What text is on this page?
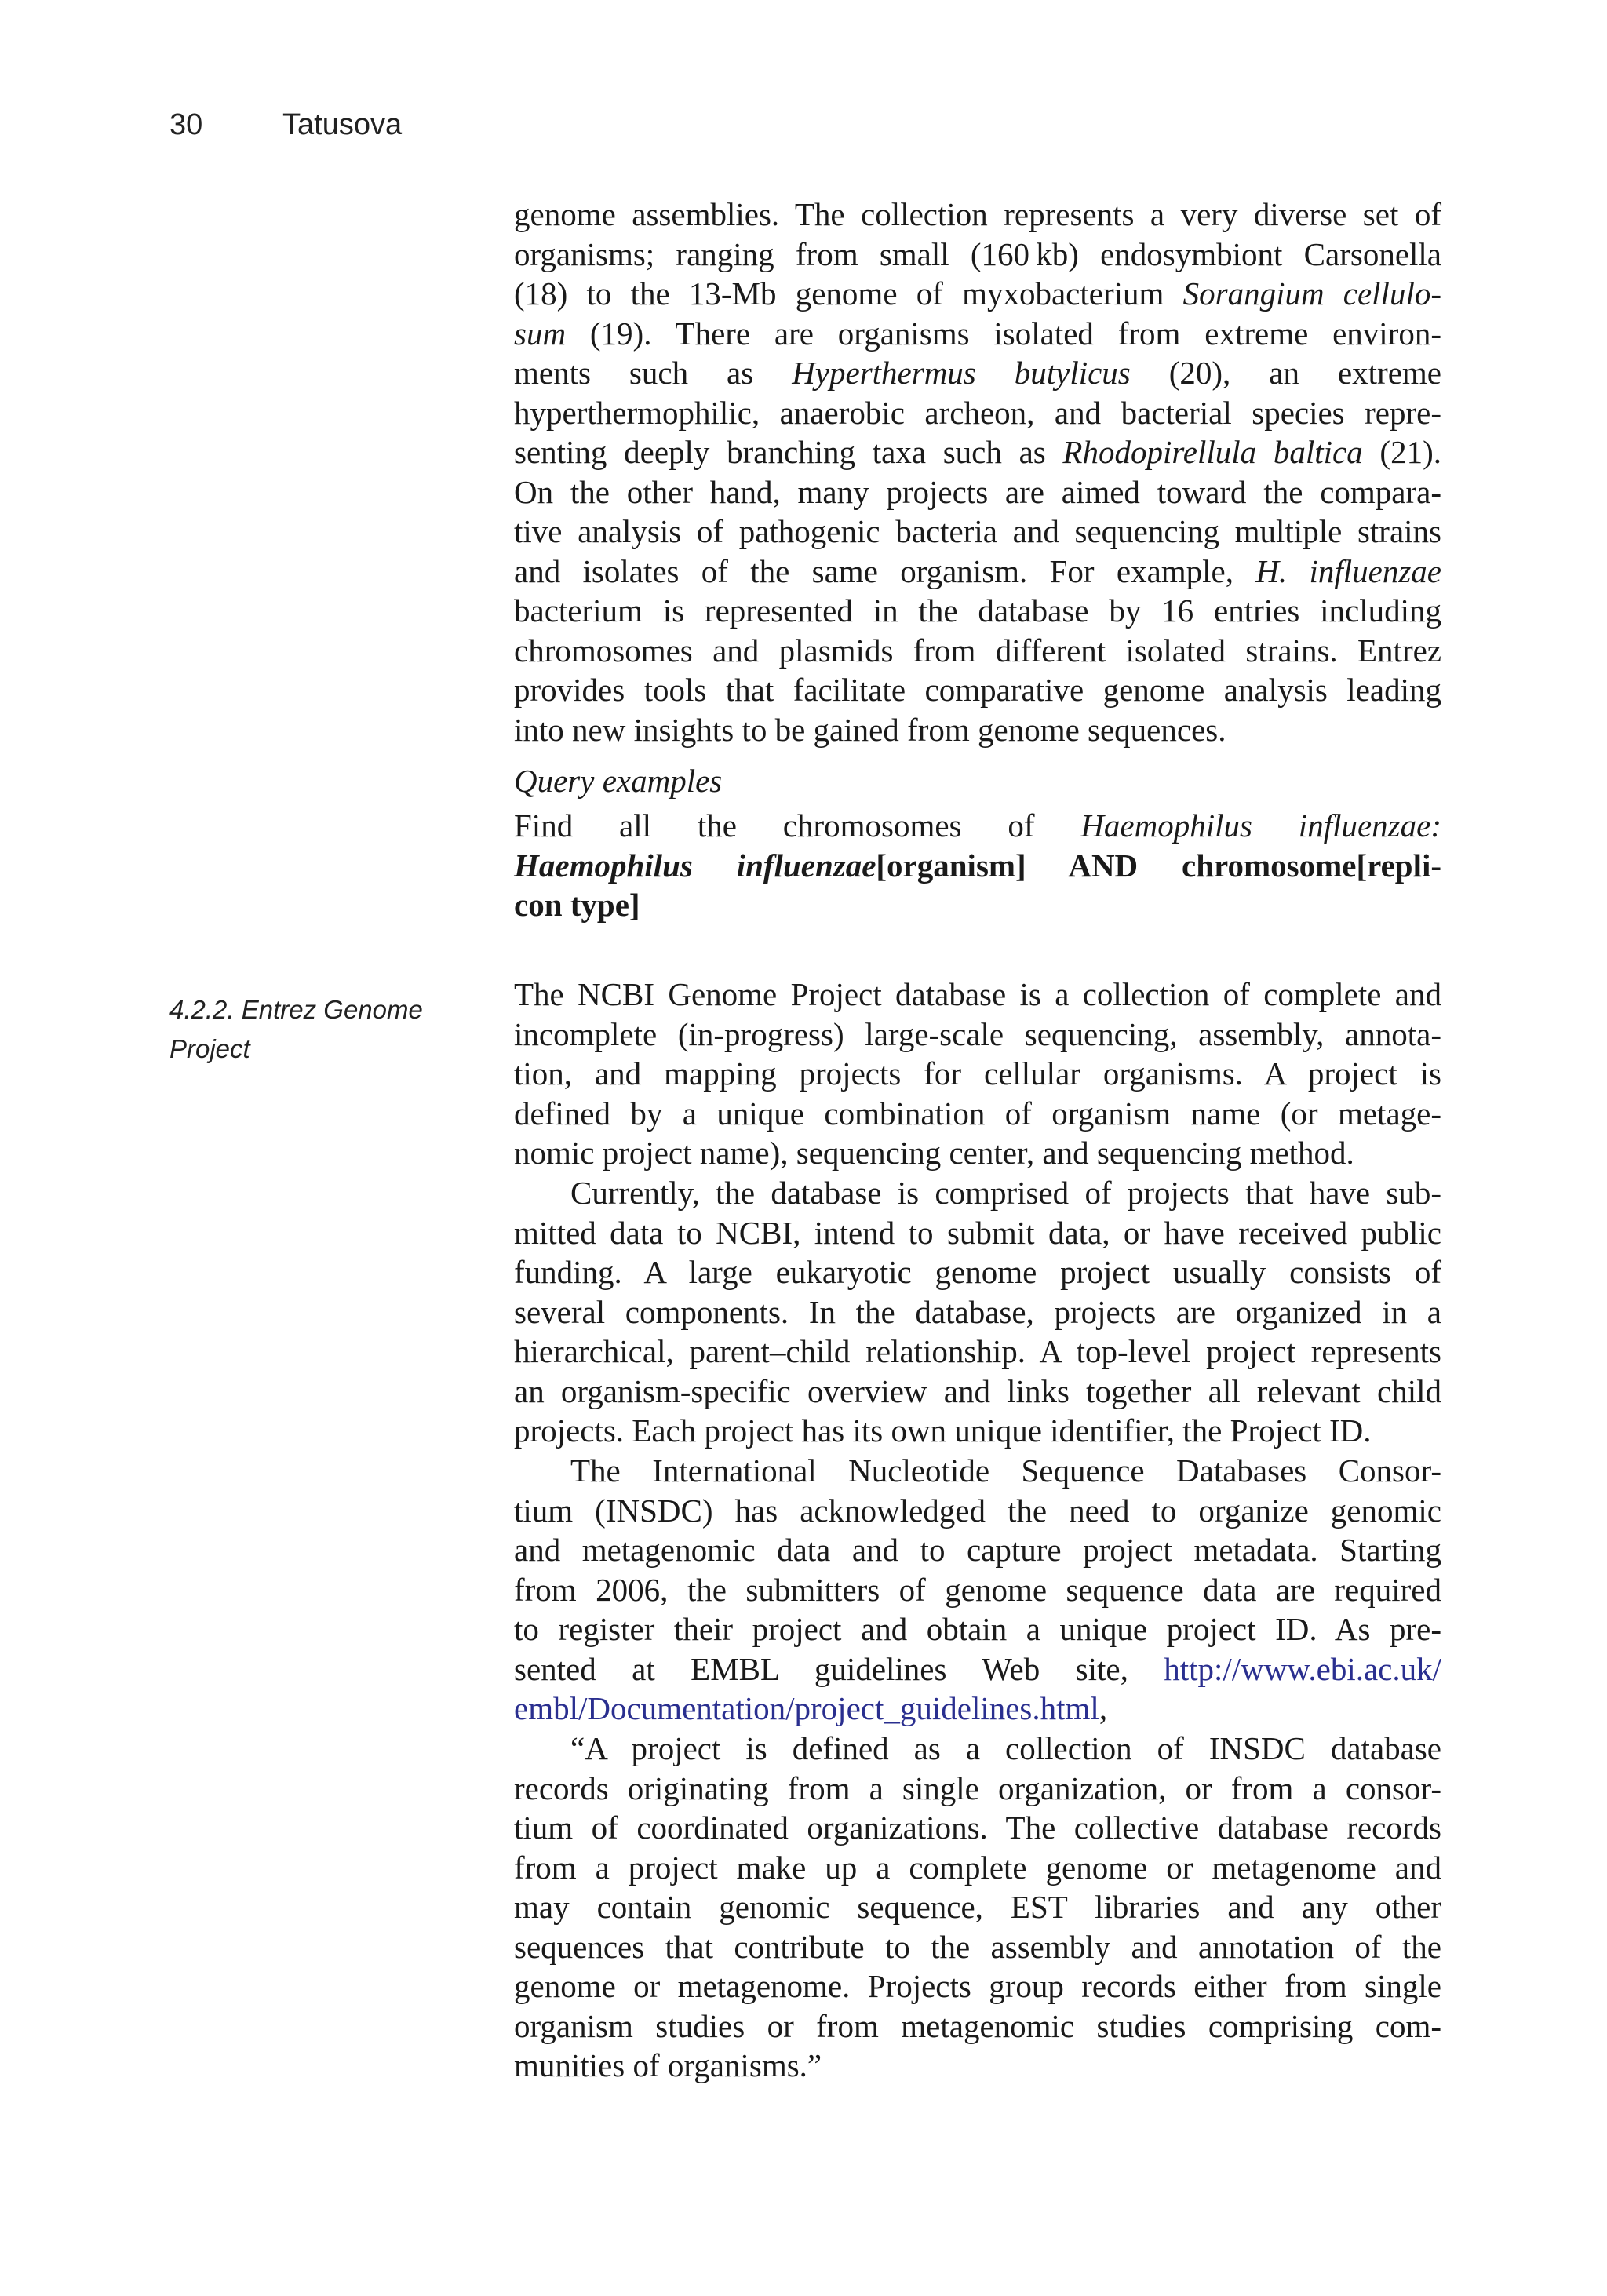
30	Tatusova
4.2.2. Entrez Genome
Project
genome assemblies. The collection represents a very diverse set of
organisms; ranging from small (160 kb) endosymbiont Carsonella
(18) to the 13-Mb genome of myxobacterium Sorangium cellulo-
sum (19). There are organisms isolated from extreme environ-
ments such as Hyperthermus butylicus (20), an extreme
hyperthermophilic, anaerobic archeon, and bacterial species repre-
senting deeply branching taxa such as Rhodopirellula baltica (21).
On the other hand, many projects are aimed toward the compara-
tive analysis of pathogenic bacteria and sequencing multiple strains
and isolates of the same organism. For example, H. influenzae
bacterium is represented in the database by 16 entries including
chromosomes and plasmids from different isolated strains. Entrez
provides tools that facilitate comparative genome analysis leading
into new insights to be gained from genome sequences.
Query examples
Find all the chromosomes of Haemophilus influenzae:
Haemophilus influenzae[organism] AND chromosome[repli-
con type]
The NCBI Genome Project database is a collection of complete and
incomplete (in-progress) large-scale sequencing, assembly, annota-
tion, and mapping projects for cellular organisms. A project is
defined by a unique combination of organism name (or metage-
nomic project name), sequencing center, and sequencing method.
Currently, the database is comprised of projects that have sub-
mitted data to NCBI, intend to submit data, or have received public
funding. A large eukaryotic genome project usually consists of
several components. In the database, projects are organized in a
hierarchical, parent–child relationship. A top-level project represents
an organism-specific overview and links together all relevant child
projects. Each project has its own unique identifier, the Project ID.
The International Nucleotide Sequence Databases Consor-
tium (INSDC) has acknowledged the need to organize genomic
and metagenomic data and to capture project metadata. Starting
from 2006, the submitters of genome sequence data are required
to register their project and obtain a unique project ID. As pre-
sented at EMBL guidelines Web site, http://www.ebi.ac.uk/
embl/Documentation/project_guidelines.html,
“A project is defined as a collection of INSDC database
records originating from a single organization, or from a consor-
tium of coordinated organizations. The collective database records
from a project make up a complete genome or metagenome and
may contain genomic sequence, EST libraries and any other
sequences that contribute to the assembly and annotation of the
genome or metagenome. Projects group records either from single
organism studies or from metagenomic studies comprising com-
munities of organisms.”
